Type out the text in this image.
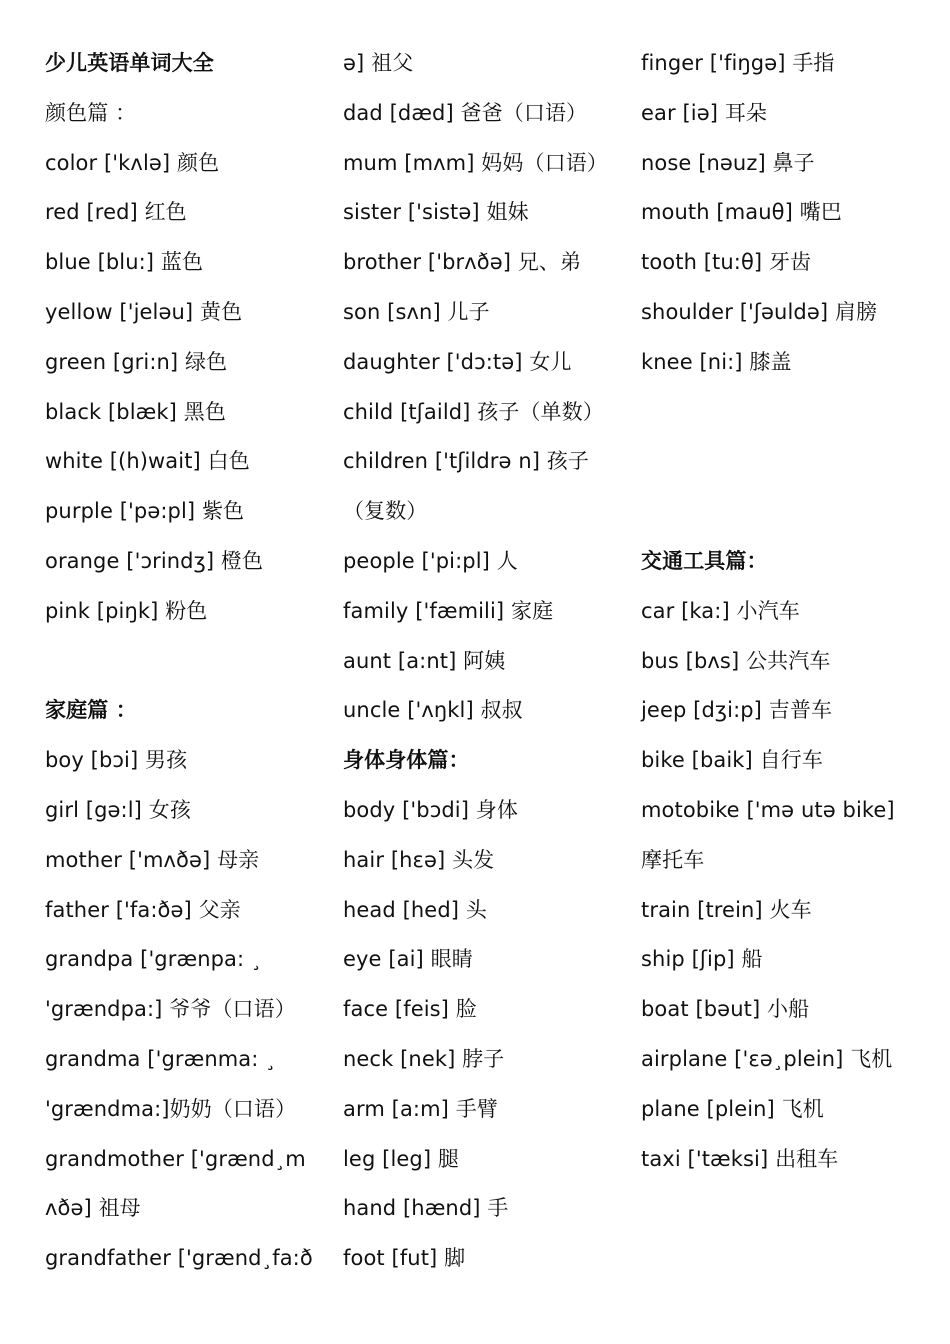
少儿英语单词大全
颜色篇 ：
color ['kʌlə] 颜色
red [red] 红色
blue [blu:] 蓝色
yellow ['jeləu] 黄色
green [gri:n] 绿色
black [blæk] 黑色
white [(h)wait] 白色
purple ['pə:pl] 紫色
orange ['ɔrindʒ] 橙色
pink [piŋk] 粉色
家庭篇 ：
boy [bɔi] 男孩
girl [gə:l] 女孩
mother ['mʌðə] 母亲
father ['fa:ðə] 父亲
grandpa ['grænpa: ¸
'grændpa:] 爷爷（口语）
grandma ['grænma: ¸
'grændma:]奶奶（口语）
grandmother ['grænd¸m
ʌðə] 祖母
grandfather ['grænd¸fa:ð
ə] 祖父
dad [dæd] 爸爸（口语）
mum [mʌm] 妈妈（口语）
sister ['sistə] 姐妹
brother ['brʌðə] 兄、弟
son [sʌn] 儿子
daughter ['dɔ:tə] 女儿
child [tʃaild] 孩子（单数）
children ['tʃildrə n] 孩子
（复数）
people ['pi:pl] 人
family ['fæmili] 家庭
aunt [a:nt] 阿姨
uncle ['ʌŋkl] 叔叔
身体身体篇：
body ['bɔdi] 身体
hair [hεə] 头发
head [hed] 头
eye [ai] 眼睛
face [feis] 脸
neck [nek] 脖子
arm [a:m] 手臂
leg [leg] 腿
hand [hænd] 手
foot [fut] 脚
finger ['fiŋgə] 手指
ear [iə] 耳朵
nose [nəuz] 鼻子
mouth [mauθ] 嘴巴
tooth [tu:θ] 牙齿
shoulder ['ʃəuldə] 肩膀
knee [ni:] 膝盖
交通工具篇：
car [ka:] 小汽车
bus [bʌs] 公共汽车
jeep [dʒi:p] 吉普车
bike [baik] 自行车
motobike ['mə utə bike]
摩托车
train [trein] 火车
ship [ʃip] 船
boat [bəut] 小船
airplane ['εə¸plein] 飞机
plane [plein] 飞机
taxi ['tæksi] 出租车
